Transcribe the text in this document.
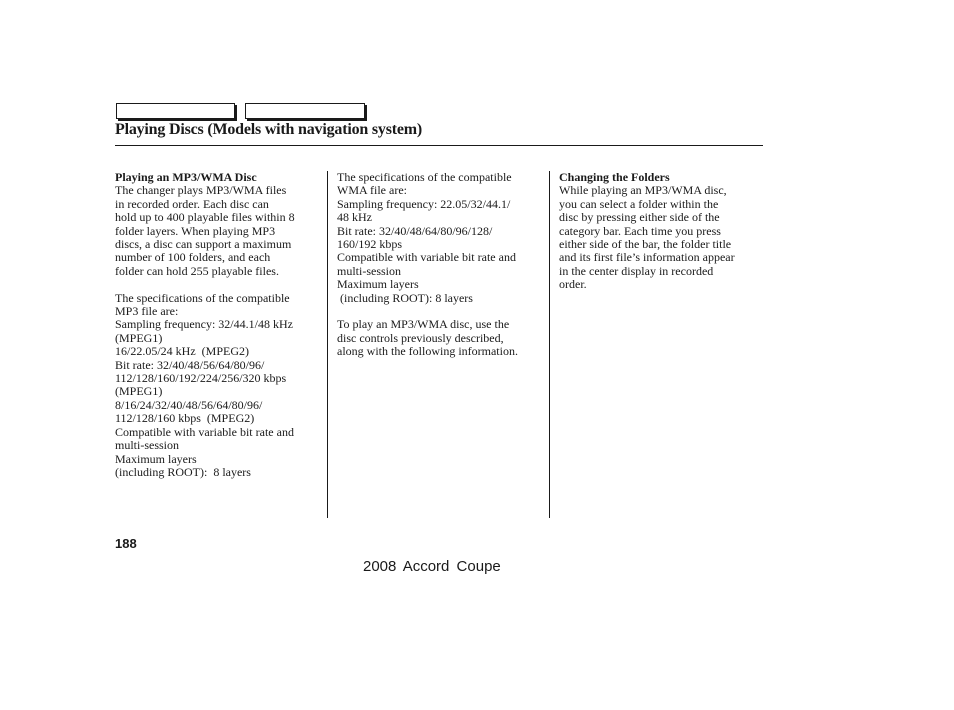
Playing Discs (Models with navigation system)
Playing an MP3/WMA Disc
The changer plays MP3/WMA files
in recorded order. Each disc can
hold up to 400 playable files within 8
folder layers. When playing MP3
discs, a disc can support a maximum
number of 100 folders, and each
folder can hold 255 playable files.
The specifications of the compatible
MP3 file are:
Sampling frequency: 32/44.1/48 kHz
(MPEG1)
16/22.05/24 kHz  (MPEG2)
Bit rate: 32/40/48/56/64/80/96/
112/128/160/192/224/256/320 kbps
(MPEG1)
8/16/24/32/40/48/56/64/80/96/
112/128/160 kbps  (MPEG2)
Compatible with variable bit rate and
multi-session
Maximum layers
(including ROOT):  8 layers
The specifications of the compatible
WMA file are:
Sampling frequency: 22.05/32/44.1/
48 kHz
Bit rate: 32/40/48/64/80/96/128/
160/192 kbps
Compatible with variable bit rate and
multi-session
Maximum layers
(including ROOT): 8 layers
To play an MP3/WMA disc, use the
disc controls previously described,
along with the following information.
Changing the Folders
While playing an MP3/WMA disc,
you can select a folder within the
disc by pressing either side of the
category bar. Each time you press
either side of the bar, the folder title
and its first file’s information appear
in the center display in recorded
order.
188
2008 Accord Coupe
